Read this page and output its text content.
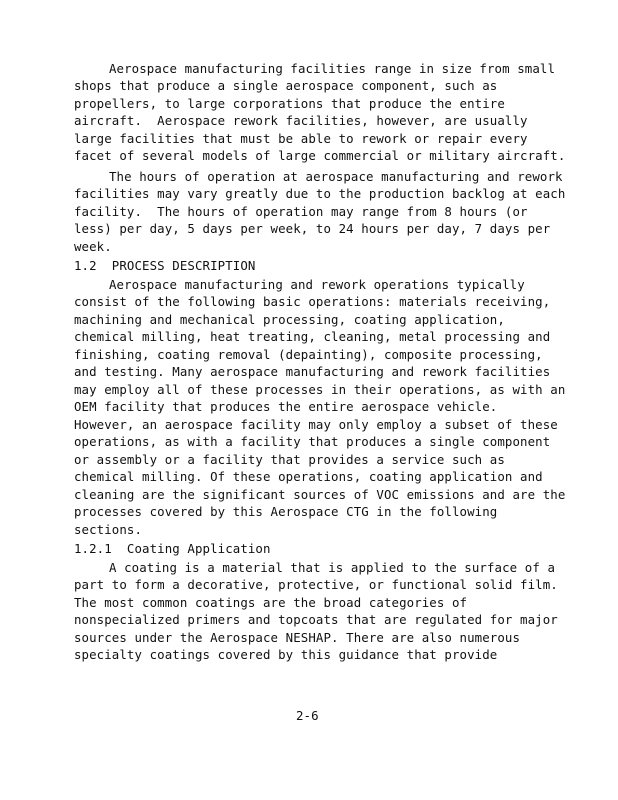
Aerospace manufacturing facilities range in size from small
shops that produce a single aerospace component, such as
propellers, to large corporations that produce the entire
aircraft.  Aerospace rework facilities, however, are usually
large facilities that must be able to rework or repair every
facet of several models of large commercial or military aircraft.
The hours of operation at aerospace manufacturing and rework
facilities may vary greatly due to the production backlog at each
facility.  The hours of operation may range from 8 hours (or
less) per day, 5 days per week, to 24 hours per day, 7 days per
week.
1.2  PROCESS DESCRIPTION
Aerospace manufacturing and rework operations typically
consist of the following basic operations: materials receiving,
machining and mechanical processing, coating application,
chemical milling, heat treating, cleaning, metal processing and
finishing, coating removal (depainting), composite processing,
and testing. Many aerospace manufacturing and rework facilities
may employ all of these processes in their operations, as with an
OEM facility that produces the entire aerospace vehicle.
However, an aerospace facility may only employ a subset of these
operations, as with a facility that produces a single component
or assembly or a facility that provides a service such as
chemical milling. Of these operations, coating application and
cleaning are the significant sources of VOC emissions and are the
processes covered by this Aerospace CTG in the following
sections.
1.2.1  Coating Application
A coating is a material that is applied to the surface of a
part to form a decorative, protective, or functional solid film.
The most common coatings are the broad categories of
nonspecialized primers and topcoats that are regulated for major
sources under the Aerospace NESHAP. There are also numerous
specialty coatings covered by this guidance that provide
2-6
